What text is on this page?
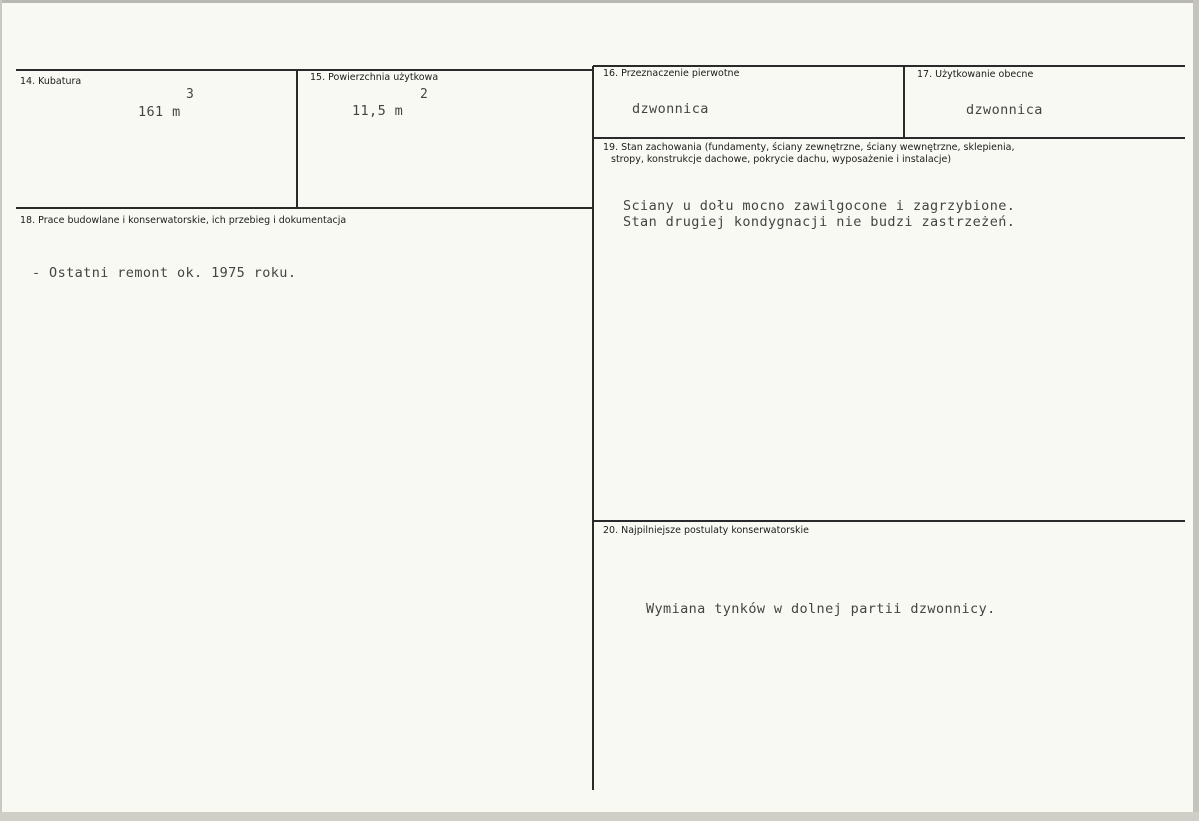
14. Kubatura
3
161 m
15. Powierzchnia użytkowa
2
11,5 m
16. Przeznaczenie pierwotne
dzwonnica
17. Użytkowanie obecne
dzwonnica
18. Prace budowlane i konserwatorskie, ich przebieg i dokumentacja
- Ostatni remont ok. 1975 roku.
19. Stan zachowania (fundamenty, ściany zewnętrzne, ściany wewnętrzne, sklepienia,
stropy, konstrukcje dachowe, pokrycie dachu, wyposażenie i instalacje)
Sciany u dołu mocno zawilgocone i zagrzybione.
Stan drugiej kondygnacji nie budzi zastrzeżeń.
20. Najpilniejsze postulaty konserwatorskie
Wymiana tynków w dolnej partii dzwonnicy.
